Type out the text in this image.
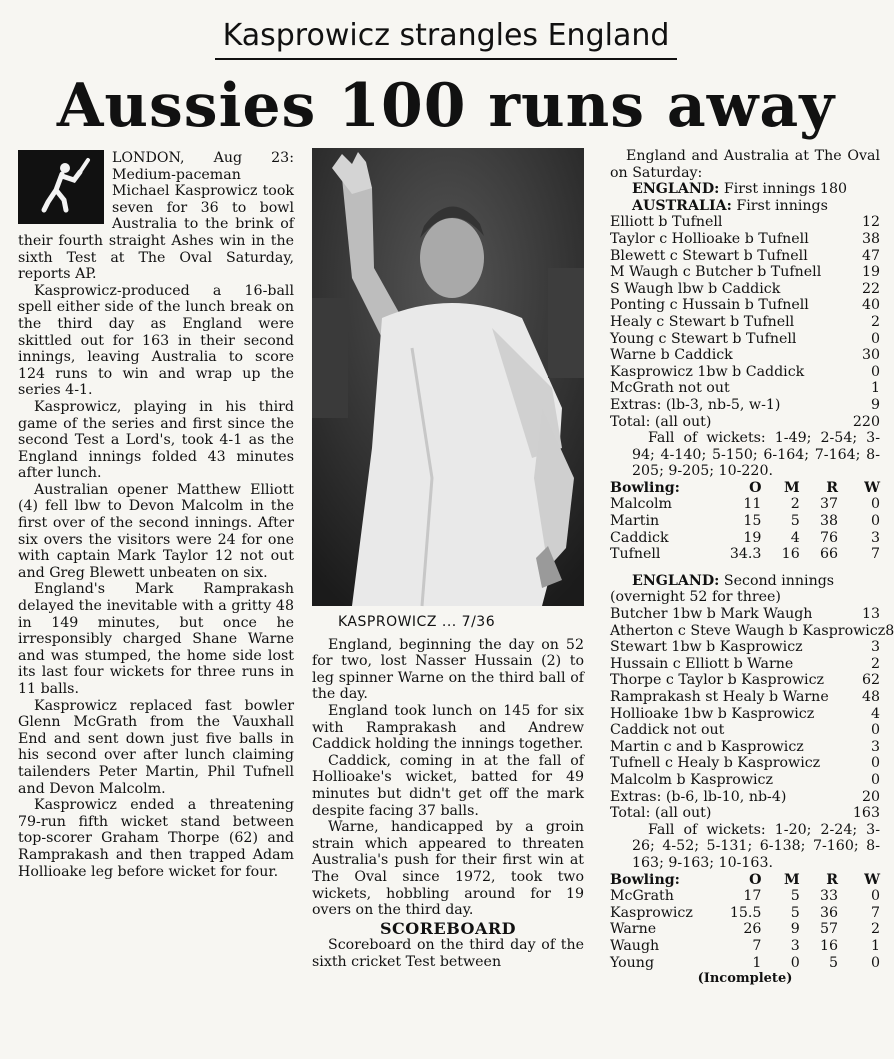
Kasprowicz strangles England
Aussies 100 runs away

LONDON, Aug 23: Medium-paceman Michael Kasprowicz took seven for 36 to bowl Australia to the brink of their fourth straight Ashes win in the sixth Test at The Oval Saturday, reports AP.

Kasprowicz-produced a 16-ball spell either side of the lunch break on the third day as England were skittled out for 163 in their second innings, leaving Australia to score 124 runs to win and wrap up the series 4-1.

Kasprowicz, playing in his third game of the series and first since the second Test a Lord's, took 4-1 as the England innings folded 43 minutes after lunch.

Australian opener Matthew Elliott (4) fell lbw to Devon Malcolm in the first over of the second innings. After six overs the visitors were 24 for one with captain Mark Taylor 12 not out and Greg Blewett unbeaten on six.

England's Mark Ramprakash delayed the inevitable with a gritty 48 in 149 minutes, but once he irresponsibly charged Shane Warne and was stumped, the home side lost its last four wickets for three runs in 11 balls.

Kasprowicz replaced fast bowler Glenn McGrath from the Vauxhall End and sent down just five balls in his second over after lunch claiming tailenders Peter Martin, Phil Tufnell and Devon Malcolm.

Kasprowicz ended a threatening 79-run fifth wicket stand between top-scorer Graham Thorpe (62) and Ramprakash and then trapped Adam Hollioake leg before wicket for four.

KASPROWICZ ... 7/36

England, beginning the day on 52 for two, lost Nasser Hussain (2) to leg spinner Warne on the third ball of the day.

England took lunch on 145 for six with Ramprakash and Andrew Caddick holding the innings together.

Caddick, coming in at the fall of Hollioake's wicket, batted for 49 minutes but didn't get off the mark despite facing 37 balls.

Warne, handicapped by a groin strain which appeared to threaten Australia's push for their first win at The Oval since 1972, took two wickets, hobbling around for 19 overs on the third day.

SCOREBOARD

Scoreboard on the third day of the sixth cricket Test between

England and Australia at The Oval on Saturday:

ENGLAND: First innings 180
AUSTRALIA: First innings
Elliott b Tufnell	12
Taylor c Hollioake b Tufnell	38
Blewett c Stewart b Tufnell	47
M Waugh c Butcher b Tufnell	19
S Waugh lbw b Caddick	22
Ponting c Hussain b Tufnell	40
Healy c Stewart b Tufnell	2
Young c Stewart b Tufnell	0
Warne b Caddick	30
Kasprowicz 1bw b Caddick	0
McGrath not out	1
Extras: (lb-3, nb-5, w-1)	9
Total: (all out)	220

Fall of wickets: 1-49; 2-54; 3-94; 4-140; 5-150; 6-164; 7-164; 8-205; 9-205; 10-220.

Bowling:	O	M	R	W
Malcolm	11	2	37	0
Martin	15	5	38	0
Caddick	19	4	76	3
Tufnell	34.3	16	66	7
ENGLAND: Second innings
(overnight 52 for three)
Butcher 1bw b Mark Waugh	13
Atherton c Steve Waugh b Kasprowicz 8
Stewart 1bw b Kasprowicz	3
Hussain c Elliott b Warne	2
Thorpe c Taylor b Kasprowicz	62
Ramprakash st Healy b Warne 48
Hollioake 1bw b Kasprowicz	4
Caddick not out	0
Martin c and b Kasprowicz	3
Tufnell c Healy b Kasprowicz	0
Malcolm b Kasprowicz	0
Extras: (b-6, lb-10, nb-4)	20
Total: (all out)	163

Fall of wickets: 1-20; 2-24; 3-26; 4-52; 5-131; 6-138; 7-160; 8-163; 9-163; 10-163.

Bowling:	O	M	R	W
McGrath	17	5	33	0
Kasprowicz	15.5	5	36	7
Warne	26	9	57	2
Waugh	7	3	16	1
Young	1	0	5	0
(Incomplete)
